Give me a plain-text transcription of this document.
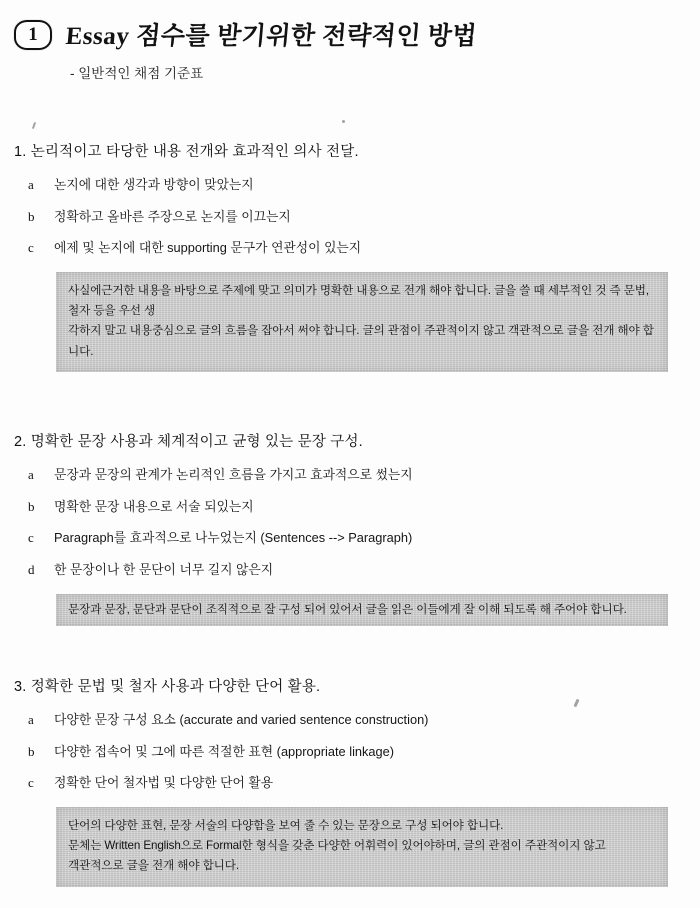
1	Essay 점수를 받기위한 전략적인 방법
- 일반적인 채점 기준표
1. 논리적이고 타당한 내용 전개와 효과적인 의사 전달.
a	논지에 대한 생각과 방향이 맞았는지
b	정확하고 올바른 주장으로 논지를 이끄는지
c	에제 및 논지에 대한 supporting 문구가 연관성이 있는지

사실에근거한 내용을 바탕으로 주제에 맞고 의미가 명확한 내용으로 전개 해야 합니다. 글을 쓸 때 세부적인 것 즉 문법, 철자 등을 우선 생

각하지 말고 내용중심으로 글의 흐름을 잡아서 써야 합니다. 글의 관점이 주관적이지 않고 객관적으로 글을 전개 해야 합니다.

2. 명확한 문장 사용과 체계적이고 균형 있는 문장 구성.
a	문장과 문장의 관계가 논리적인 흐름을 가지고 효과적으로 썼는지
b	명확한 문장 내용으로 서술 되있는지
c	Paragraph를 효과적으로 나누었는지 (Sentences --> Paragraph)
d	한 문장이나 한 문단이 너무 길지 않은지

문장과 문장, 문단과 문단이 조직적으로 잘 구성 되어 있어서 글을 읽은 이들에게 잘 이해 되도록 해 주어야 합니다.

3. 정확한 문법 및 철자 사용과 다양한 단어 활용.
a	다양한 문장 구성 요소 (accurate and varied sentence construction)
b	다양한 접속어 및 그에 따른 적절한 표현 (appropriate linkage)
c	정확한 단어 철자법 및 다양한 단어 활용

단어의 다양한 표현, 문장 서술의 다양함을 보여 줄 수 있는 문장으로 구성 되어야 합니다.

문체는 Written English으로 Formal한 형식을 갖춘 다양한 어휘력이 있어야하며, 글의 관점이 주관적이지 않고

객관적으로 글을 전개 해야 합니다.
